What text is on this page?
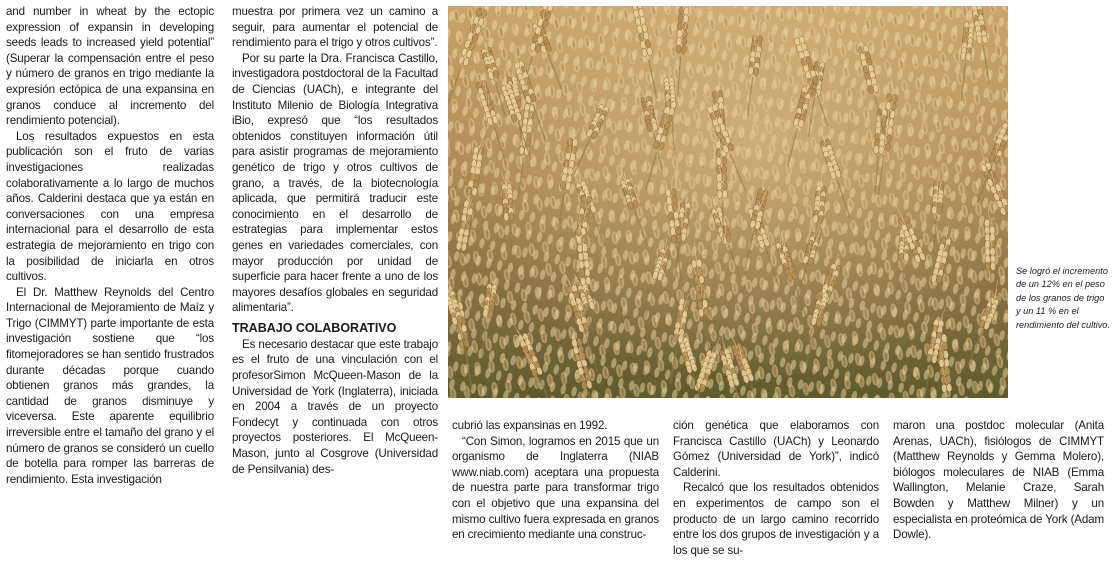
and number in wheat by the ectopic expression of expansin in developing seeds leads to increased yield potential” (Superar la compensación entre el peso y número de granos en trigo mediante la expresión ectópica de una expansina en granos conduce al incremento del rendimiento potencial).

Los resultados expuestos en esta publicación son el fruto de varias investigaciones realizadas colaborativamente a lo largo de muchos años. Calderini destaca que ya están en conversaciones con una empresa internacional para el desarrollo de esta estrategia de mejoramiento en trigo con la posibilidad de iniciarla en otros cultivos.

El Dr. Matthew Reynolds del Centro Internacional de Mejoramiento de Maíz y Trigo (CIMMYT) parte importante de esta investigación sostiene que “los fitomejoradores se han sentido frustrados durante décadas porque cuando obtienen granos más grandes, la cantidad de granos disminuye y viceversa. Este aparente equilibrio irreversible entre el tamaño del grano y el número de granos se consideró un cuello de botella para romper las barreras de rendimiento. Esta investigación

muestra por primera vez un camino a seguir, para aumentar el potencial de rendimiento para el trigo y otros cultivos”.

Por su parte la Dra. Francisca Castillo, investigadora postdoctoral de la Facultad de Ciencias (UACh), e integrante del Instituto Milenio de Biología Integrativa iBio, expresó que “los resultados obtenidos constituyen información útil para asistir programas de mejoramiento genético de trigo y otros cultivos de grano, a través, de la biotecnología aplicada, que permitirá traducir este conocimiento en el desarrollo de estrategias para implementar estos genes en variedades comerciales, con mayor producción por unidad de superficie para hacer frente a uno de los mayores desafíos globales en seguridad alimentaria”.

TRABAJO COLABORATIVO

Es necesario destacar que este trabajo es el fruto de una vinculación con el profesorSimon McQueen-Mason de la Universidad de York (Inglaterra), iniciada en 2004 a través de un proyecto Fondecyt y continuada con otros proyectos posteriores. El McQueen-Mason, junto al Cosgrove (Universidad de Pensilvania) des-

Se logró el incremento de un 12% en el peso de los granos de trigo y un 11 % en el rendimiento del cultivo.

cubrió las expansinas en 1992.

“Con Simon, logramos en 2015 que un organismo de Inglaterra (NIAB www.niab.com) aceptara una propuesta de nuestra parte para transformar trigo con el objetivo que una expansina del mismo cultivo fuera expresada en granos en crecimiento mediante una construc-

ción genética que elaboramos con Francisca Castillo (UACh) y Leonardo Gómez (Universidad de York)”, indicó Calderini.

Recalcó que los resultados obtenidos en experimentos de campo son el producto de un largo camino recorrido entre los dos grupos de investigación y a los que se su-

maron una postdoc molecular (Anita Arenas, UACh), fisiólogos de CIMMYT (Matthew Reynolds y Gemma Molero), biólogos moleculares de NIAB (Emma Wallington, Melanie Craze, Sarah Bowden y Matthew Milner) y un especialista en proteómica de York (Adam Dowle).
